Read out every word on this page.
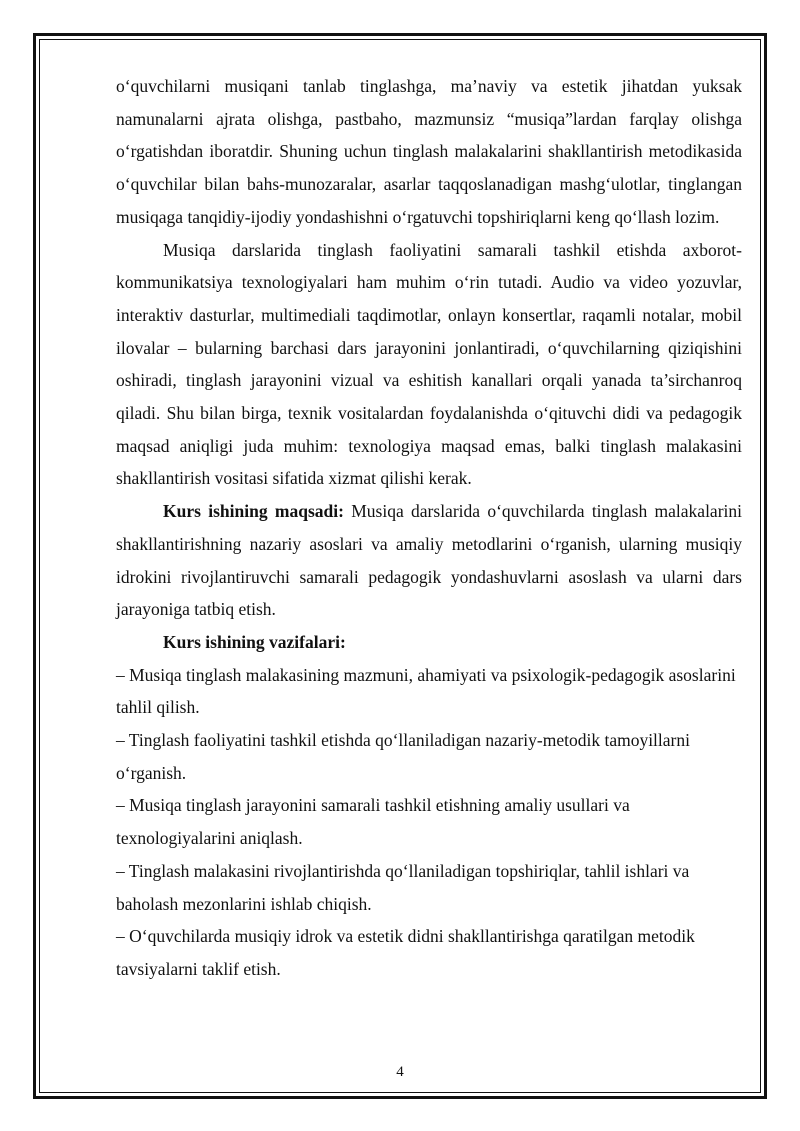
o‘quvchilarni musiqani tanlab tinglashga, ma’naviy va estetik jihatdan yuksak namunalarni ajrata olishga, pastbaho, mazmunsiz “musiqa”lardan farqlay olishga o‘rgatishdan iboratdir. Shuning uchun tinglash malakalarini shakllantirish metodikasida o‘quvchilar bilan bahs-munozaralar, asarlar taqqoslanadigan mashg‘ulotlar, tinglangan musiqaga tanqidiy-ijodiy yondashishni o‘rgatuvchi topshiriqlarni keng qo‘llash lozim.

Musiqa darslarida tinglash faoliyatini samarali tashkil etishda axborot-kommunikatsiya texnologiyalari ham muhim o‘rin tutadi. Audio va video yozuvlar, interaktiv dasturlar, multimediali taqdimotlar, onlayn konsertlar, raqamli notalar, mobil ilovalar – bularning barchasi dars jarayonini jonlantiradi, o‘quvchilarning qiziqishini oshiradi, tinglash jarayonini vizual va eshitish kanallari orqali yanada ta’sirchanroq qiladi. Shu bilan birga, texnik vositalardan foydalanishda o‘qituvchi didi va pedagogik maqsad aniqligi juda muhim: texnologiya maqsad emas, balki tinglash malakasini shakllantirish vositasi sifatida xizmat qilishi kerak.

Kurs ishining maqsadi: Musiqa darslarida o‘quvchilarda tinglash malakalarini shakllantirishning nazariy asoslari va amaliy metodlarini o‘rganish, ularning musiqiy idrokini rivojlantiruvchi samarali pedagogik yondashuvlarni asoslash va ularni dars jarayoniga tatbiq etish.

Kurs ishining vazifalari:

– Musiqa tinglash malakasining mazmuni, ahamiyati va psixologik-pedagogik asoslarini tahlil qilish.

– Tinglash faoliyatini tashkil etishda qo‘llaniladigan nazariy-metodik tamoyillarni o‘rganish.

– Musiqa tinglash jarayonini samarali tashkil etishning amaliy usullari va texnologiyalarini aniqlash.

– Tinglash malakasini rivojlantirishda qo‘llaniladigan topshiriqlar, tahlil ishlari va baholash mezonlarini ishlab chiqish.

– O‘quvchilarda musiqiy idrok va estetik didni shakllantirishga qaratilgan metodik tavsiyalarni taklif etish.

4
